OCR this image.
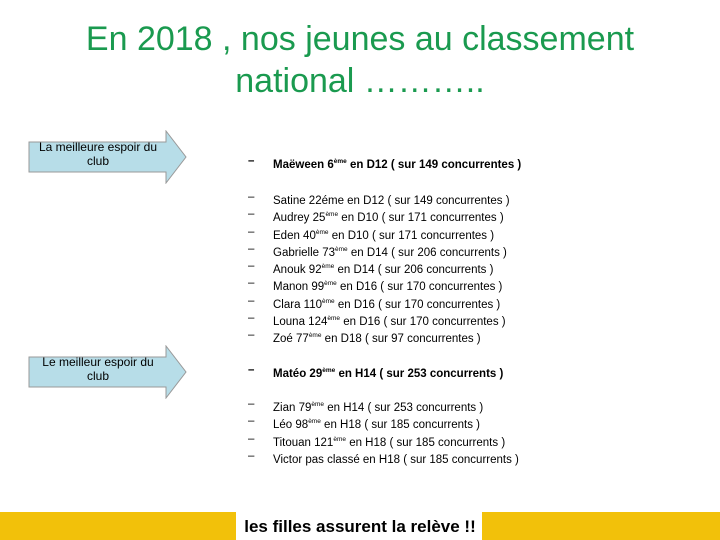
En 2018 , nos jeunes au classement
national ………..
La meilleure espoir du club
Le meilleur espoir du club
–	Maëween 6ème en D12 ( sur 149 concurrentes )
–	Satine 22éme en D12 ( sur 149 concurrentes )
–	Audrey 25ème en D10 ( sur 171 concurrentes )
–	Eden 40ème en D10 ( sur 171 concurrentes )
–	Gabrielle 73ème en D14 ( sur 206 concurrents )
–	Anouk 92ème en D14 ( sur 206 concurrents )
–	Manon 99ème en D16 ( sur 170 concurrentes )
–	Clara 110ème en D16 ( sur 170 concurrentes )
–	Louna 124ème en D16 ( sur 170 concurrentes )
–	Zoé 77ème en D18 ( sur 97 concurrentes )
–	Matéo 29ème en H14 ( sur 253 concurrents )
–	Zian 79ème en H14 ( sur 253 concurrents )
–	Léo 98ème en H18 ( sur 185 concurrents )
–	Titouan 121ème en H18 ( sur 185 concurrents )
–	Victor pas classé en H18 ( sur 185 concurrents )
les filles assurent la relève !!
